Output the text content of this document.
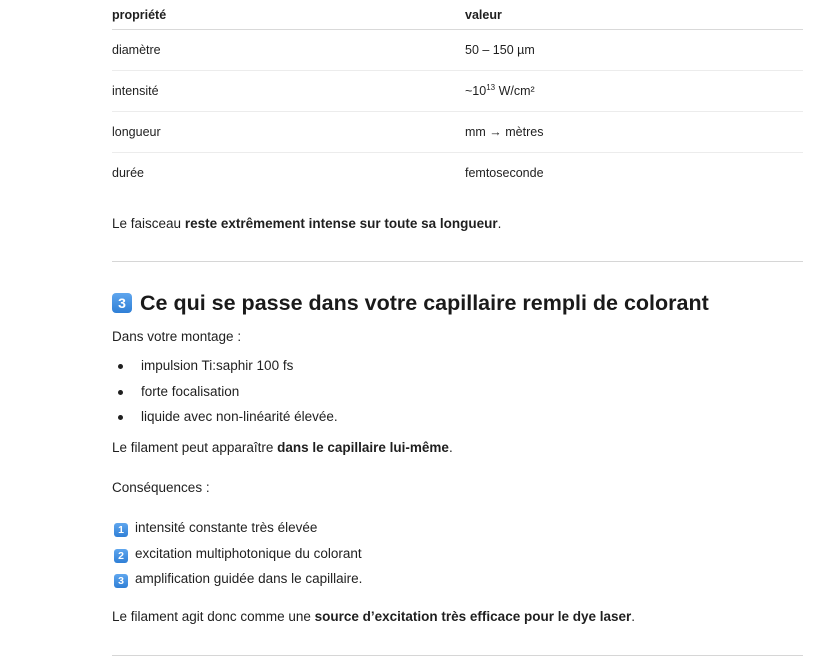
propriété	valeur
diamètre	50 – 150 µm
intensité	$\sim 10^{13}$ W/cm²
longueur	mm → mètres
durée	femtoseconde

Le faisceau reste extrêmement intense sur toute sa longueur.

3 Ce qui se passe dans votre capillaire rempli de colorant

Dans votre montage :

impulsion Ti:saphir 100 fs
forte focalisation
liquide avec non-linéarité élevée.

Le filament peut apparaître dans le capillaire lui-même.

Conséquences :

1 intensité constante très élevée
2 excitation multiphotonique du colorant
3 amplification guidée dans le capillaire.

Le filament agit donc comme une source d’excitation très efficace pour le dye laser.
